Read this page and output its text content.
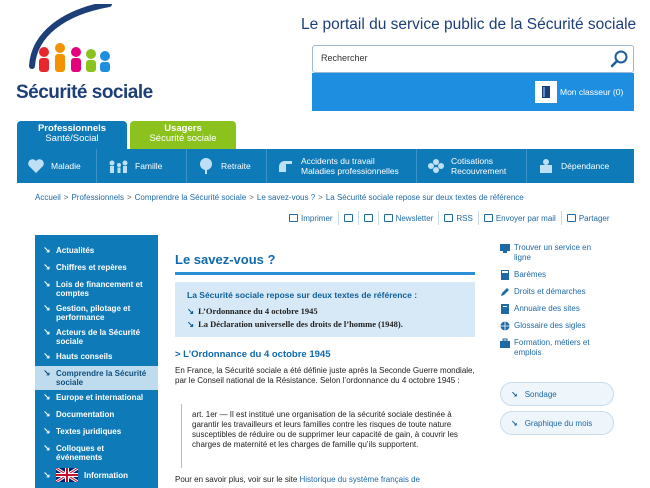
Sécurité sociale
Le portail du service public de la Sécurité sociale
Rechercher
Mon classeur (0)
Professionnels
Santé/Social
Usagers
Sécurité sociale
Maladie	Famille	Retraite	Accidents du travail
Maladies professionnelles
Cotisations
Recouvrement	Dépendance
Accueil > Professionnels > Comprendre la Sécurité sociale > Le savez-vous ? > La Sécurité sociale repose sur deux textes de référence
Imprimer	Newsletter	RSS	Envoyer par mail	Partager
↘ Actualités
↘ Chiffres et repères
↘ Lois de financement et comptes
↘ Gestion, pilotage et performance
↘ Acteurs de la Sécurité sociale
↘ Hauts conseils
↘ Comprendre la Sécurité sociale
↘ Europe et international
↘ Documentation
↘ Textes juridiques
↘ Colloques et événements
↘	Information
Le savez-vous ?
La Sécurité sociale repose sur deux textes de référence :
↘ L’Ordonnance du 4 octobre 1945
↘ La Déclaration universelle des droits de l’homme (1948).
> L’Ordonnance du 4 octobre 1945
En France, la Sécurité sociale a été définie juste après la Seconde Guerre mondiale, par le Conseil national de la Résistance. Selon l’ordonnance du 4 octobre 1945 :
art. 1er — Il est institué une organisation de la sécurité sociale destinée à garantir les travailleurs et leurs familles contre les risques de toute nature susceptibles de réduire ou de supprimer leur capacité de gain, à couvrir les charges de maternité et les charges de famille qu’ils supportent.
Pour en savoir plus, voir sur le site Historique du système français de
Trouver un service en ligne
Barèmes
Droits et démarches
Annuaire des sites
Glossaire des sigles
Formation, métiers et emplois
↘ Sondage
↘ Graphique du mois
